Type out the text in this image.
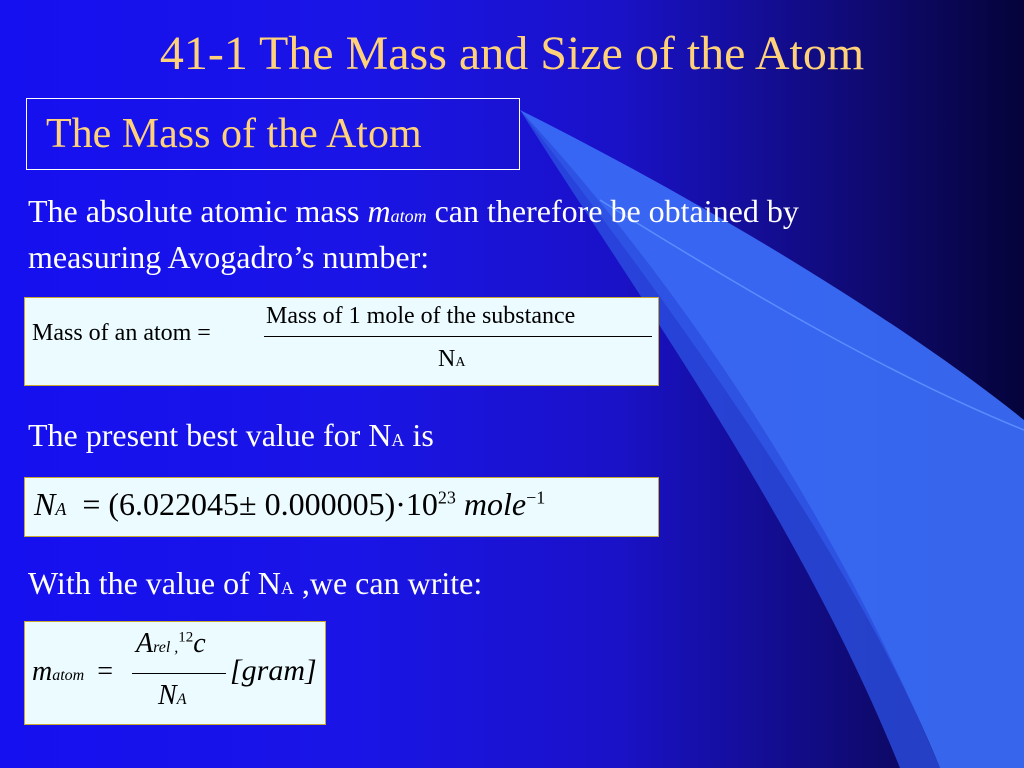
41-1 The Mass and Size of the Atom
The Mass of the Atom
The absolute atomic mass matom can therefore be obtained by
measuring Avogadro’s number:
Mass of an atom =
Mass of 1 mole of the substance
NA
The present best value for NA is
NA = $(6.022045\pm 0.000005)\cdot 10^{23}$ mole$^{-1}$
With the value of NA ,we can write:
matom =
Arel ,$^{12}$c
NA
[gram]
